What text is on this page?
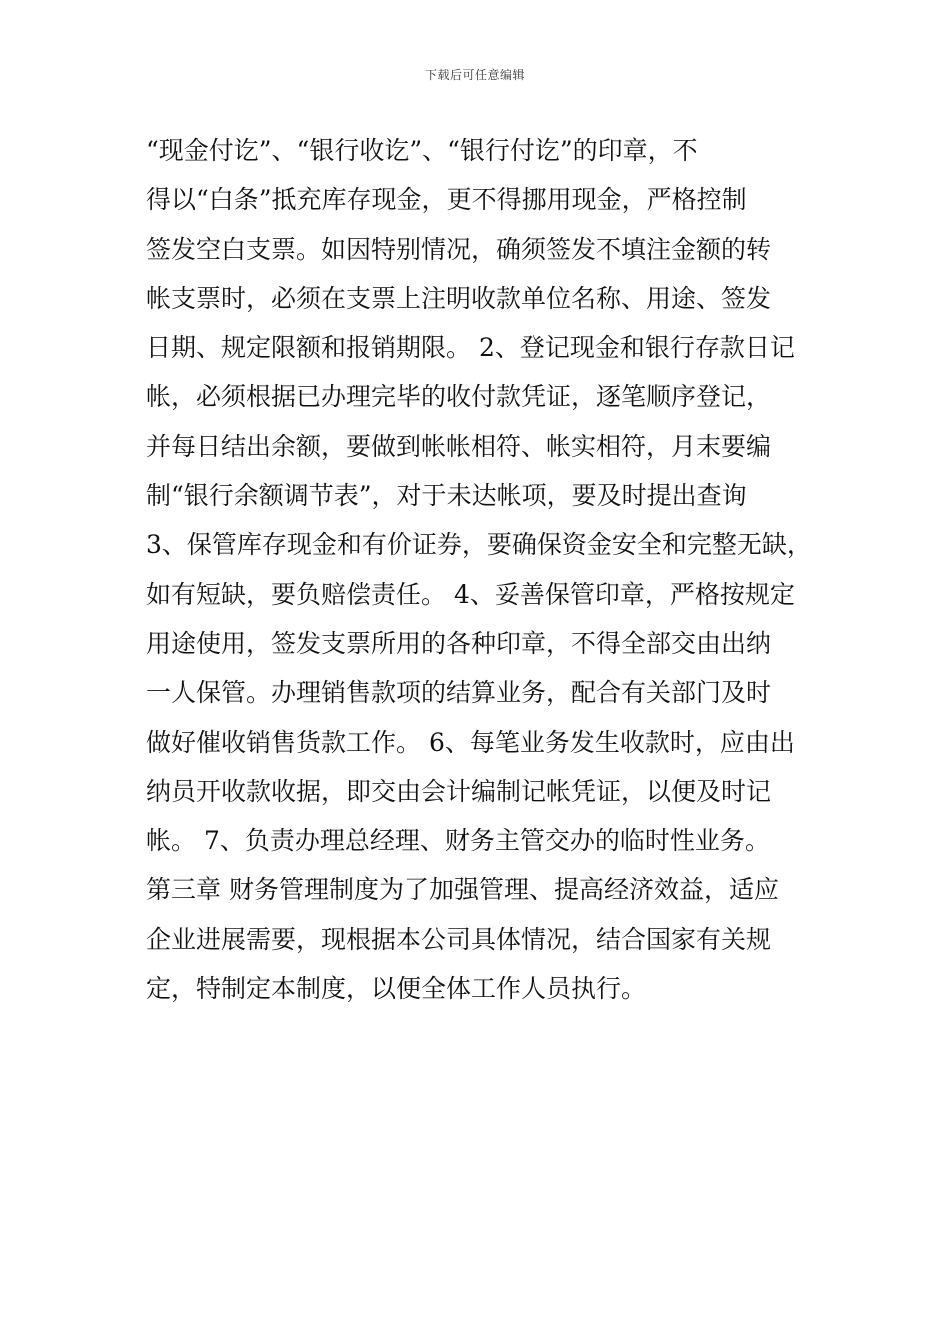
下载后可任意编辑
“现金付讫”、“银行收讫”、“银行付讫”的印章，不
得以“白条”抵充库存现金，更不得挪用现金，严格控制
签发空白支票。如因特别情况，确须签发不填注金额的转
帐支票时，必须在支票上注明收款单位名称、用途、签发
日期、规定限额和报销期限。 2、登记现金和银行存款日记
帐，必须根据已办理完毕的收付款凭证，逐笔顺序登记，
并每日结出余额，要做到帐帐相符、帐实相符，月末要编
制“银行余额调节表”，对于未达帐项，要及时提出查询
3、保管库存现金和有价证券，要确保资金安全和完整无缺，
如有短缺，要负赔偿责任。 4、妥善保管印章，严格按规定
用途使用，签发支票所用的各种印章，不得全部交由出纳
一人保管。办理销售款项的结算业务，配合有关部门及时
做好催收销售货款工作。 6、每笔业务发生收款时，应由出
纳员开收款收据，即交由会计编制记帐凭证，以便及时记
帐。 7、负责办理总经理、财务主管交办的临时性业务。
第三章 财务管理制度为了加强管理、提高经济效益，适应
企业进展需要，现根据本公司具体情况，结合国家有关规
定，特制定本制度，以便全体工作人员执行。
